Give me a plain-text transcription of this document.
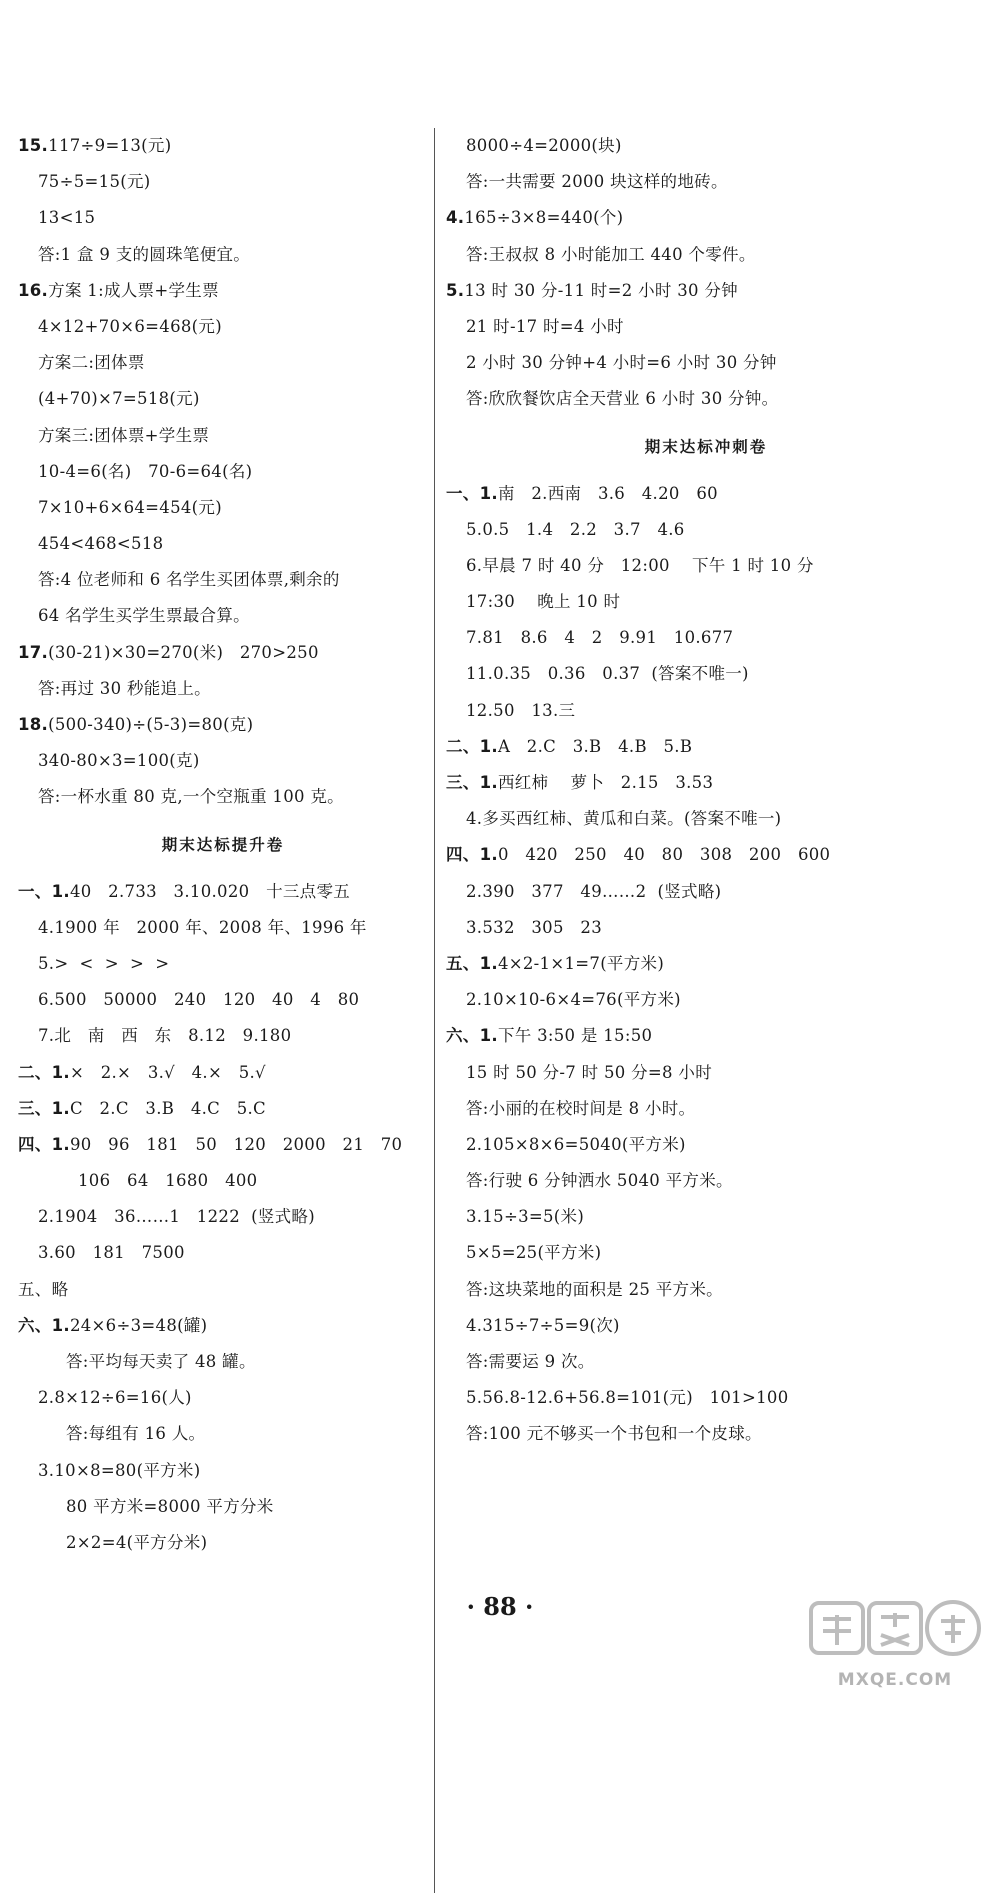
15.117÷9=13(元)
75÷5=15(元)
13<15
答:1 盒 9 支的圆珠笔便宜。
16.方案 1:成人票+学生票
4×12+70×6=468(元)
方案二:团体票
(4+70)×7=518(元)
方案三:团体票+学生票
10-4=6(名)   70-6=64(名)
7×10+6×64=454(元)
454<468<518
答:4 位老师和 6 名学生买团体票,剩余的
64 名学生买学生票最合算。
17.(30-21)×30=270(米)   270>250
答:再过 30 秒能追上。
18.(500-340)÷(5-3)=80(克)
340-80×3=100(克)
答:一杯水重 80 克,一个空瓶重 100 克。
期末达标提升卷
一、1.40   2.733   3.10.020   十三点零五
4.1900 年   2000 年、2008 年、1996 年
5.>  <  >  >  >
6.500   50000   240   120   40   4   80
7.北   南   西   东   8.12   9.180
二、1.×   2.×   3.√   4.×   5.√
三、1.C   2.C   3.B   4.C   5.C
四、1.90   96   181   50   120   2000   21   70
106   64   1680   400
2.1904   36……1   1222  (竖式略)
3.60   181   7500
五、略
六、1.24×6÷3=48(罐)
答:平均每天卖了 48 罐。
2.8×12÷6=16(人)
答:每组有 16 人。
3.10×8=80(平方米)
80 平方米=8000 平方分米
2×2=4(平方分米)
8000÷4=2000(块)
答:一共需要 2000 块这样的地砖。
4.165÷3×8=440(个)
答:王叔叔 8 小时能加工 440 个零件。
5.13 时 30 分-11 时=2 小时 30 分钟
21 时-17 时=4 小时
2 小时 30 分钟+4 小时=6 小时 30 分钟
答:欣欣餐饮店全天营业 6 小时 30 分钟。
期末达标冲刺卷
一、1.南   2.西南   3.6   4.20   60
5.0.5   1.4   2.2   3.7   4.6
6.早晨 7 时 40 分   12:00    下午 1 时 10 分
17:30    晚上 10 时
7.81   8.6   4   2   9.91   10.677
11.0.35   0.36   0.37  (答案不唯一)
12.50   13.三
二、1.A   2.C   3.B   4.B   5.B
三、1.西红柿    萝卜   2.15   3.53
4.多买西红柿、黄瓜和白菜。(答案不唯一)
四、1.0   420   250   40   80   308   200   600
2.390   377   49……2  (竖式略)
3.532   305   23
五、1.4×2-1×1=7(平方米)
2.10×10-6×4=76(平方米)
六、1.下午 3:50 是 15:50
15 时 50 分-7 时 50 分=8 小时
答:小丽的在校时间是 8 小时。
2.105×8×6=5040(平方米)
答:行驶 6 分钟洒水 5040 平方米。
3.15÷3=5(米)
5×5=25(平方米)
答:这块菜地的面积是 25 平方米。
4.315÷7÷5=9(次)
答:需要运 9 次。
5.56.8-12.6+56.8=101(元)   101>100
答:100 元不够买一个书包和一个皮球。
· 88 ·
MXQE.COM
